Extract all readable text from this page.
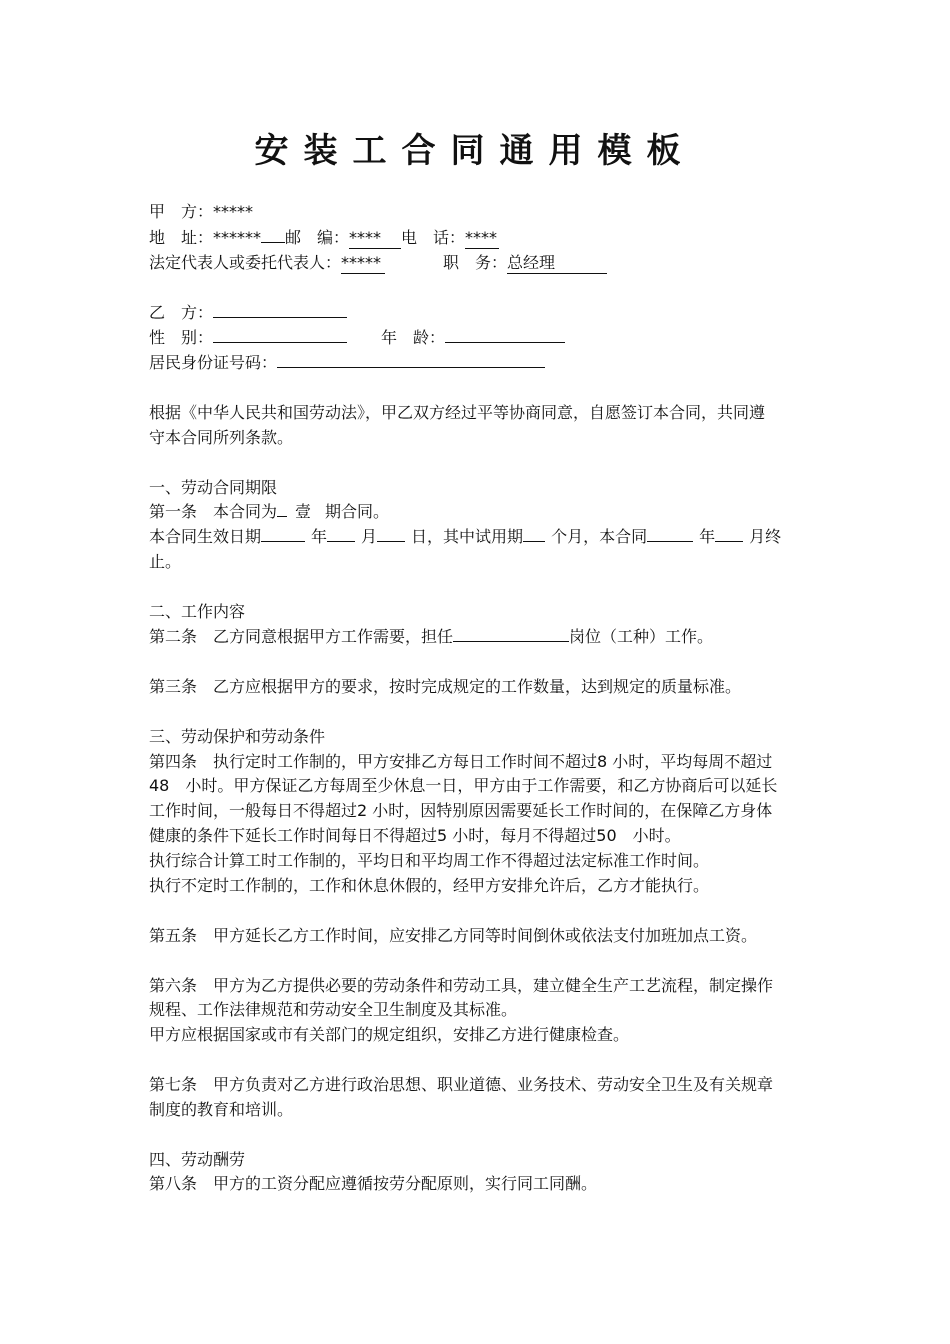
安装工合同通用模板
甲　方：*****
地　址：****** 邮　编：**** 电　话：****
法定代表人或委托代表人：*****	职　务：总经理
乙　方：
性　别：	年　龄：
居民身份证号码：
根据《中华人民共和国劳动法》，甲乙双方经过平等协商同意，自愿签订本合同，共同遵
守本合同所列条款。
一、劳动合同期限
第一条　本合同为 壹 期合同。
本合同生效日期	年 月 日，其中试用期 个月，本合同	年 月终
止。
二、工作内容
第二条　乙方同意根据甲方工作需要，担任	岗位（工种）工作。
第三条　乙方应根据甲方的要求，按时完成规定的工作数量，达到规定的质量标准。
三、劳动保护和劳动条件
第四条　执行定时工作制的，甲方安排乙方每日工作时间不超过8 小时，平均每周不超过
48　小时。甲方保证乙方每周至少休息一日，甲方由于工作需要，和乙方协商后可以延长
工作时间，一般每日不得超过2 小时，因特别原因需要延长工作时间的，在保障乙方身体
健康的条件下延长工作时间每日不得超过5 小时，每月不得超过50　小时。
执行综合计算工时工作制的，平均日和平均周工作不得超过法定标准工作时间。
执行不定时工作制的，工作和休息休假的，经甲方安排允许后，乙方才能执行。
第五条　甲方延长乙方工作时间，应安排乙方同等时间倒休或依法支付加班加点工资。
第六条　甲方为乙方提供必要的劳动条件和劳动工具，建立健全生产工艺流程，制定操作
规程、工作法律规范和劳动安全卫生制度及其标准。
甲方应根据国家或市有关部门的规定组织，安排乙方进行健康检查。
第七条　甲方负责对乙方进行政治思想、职业道德、业务技术、劳动安全卫生及有关规章
制度的教育和培训。
四、劳动酬劳
第八条　甲方的工资分配应遵循按劳分配原则，实行同工同酬。
